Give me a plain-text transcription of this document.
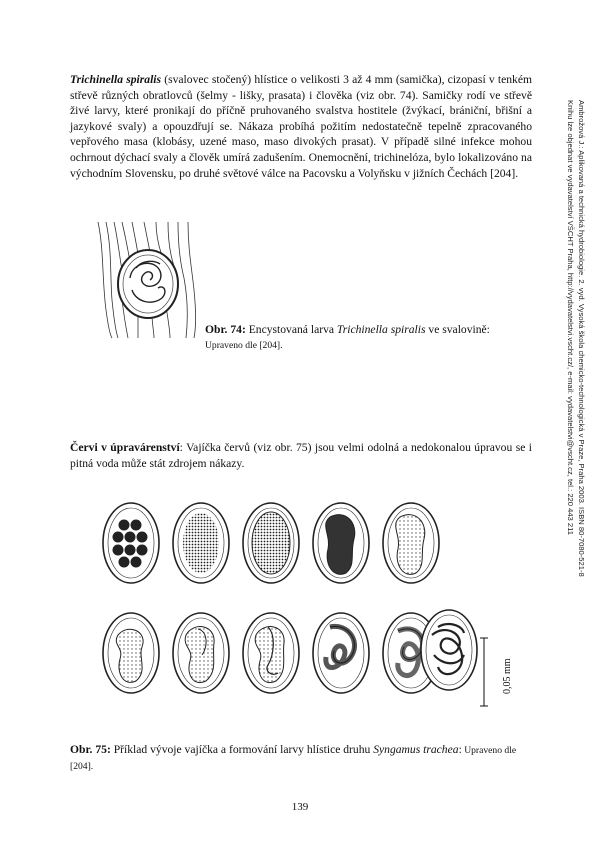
Trichinella spiralis (svalovec stočený) hlístice o velikosti 3 až 4 mm (samička), cizopasí v tenkém střevě různých obratlovců (šelmy - lišky, prasata) i člověka (viz obr. 74). Samičky rodí ve střevě živé larvy, které pronikají do příčně pruhovaného svalstva hostitele (žvýkací, brániční, břišní a jazykové svaly) a opouzdřují se. Nákaza probíhá požitím nedostatečně tepelně zpracovaného vepřového masa (klobásy, uzené maso, maso divokých prasat). V případě silné infekce mohou ochrnout dýchací svaly a člověk umírá zadušením. Onemocnění, trichinelóza, bylo lokalizováno na východním Slovensku, po druhé světové válce na Pacovsku a Volyňsku v jižních Čechách [204].
Obr. 74: Encystovaná larva Trichinella spiralis ve svalovině:
Upraveno dle [204].
Červi v úpravárenství: Vajíčka červů (viz obr. 75) jsou velmi odolná a nedokonalou úpravou se i pitná voda může stát zdrojem nákazy.
0,05 mm
Obr. 75: Příklad vývoje vajíčka a formování larvy hlístice druhu Syngamus trachea: Upraveno dle [204].
Ambrožová J.: Aplikovaná a technická hydrobiologie. 2. vyd. Vysoká škola chemicko-technologická v Praze, Praha 2003. ISBN 80-7080-521-8
Knihu lze objednat ve vydavatelství VŠCHT Praha, http://vydavatelstvi.vscht.cz/, e-mail: vydavatelstvi@vscht.cz, tel.: 220 443 211
139
